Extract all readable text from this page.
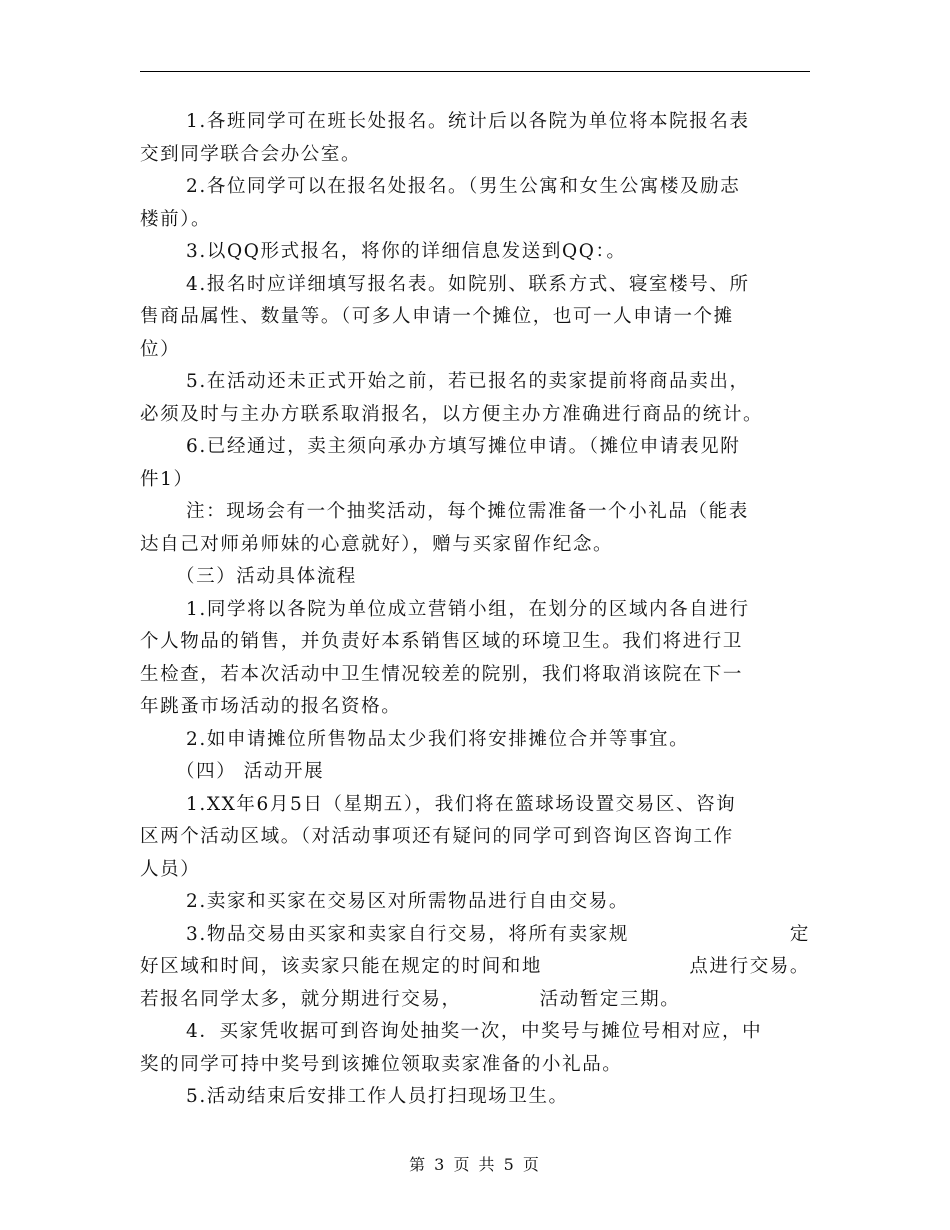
1.各班同学可在班长处报名。统计后以各院为单位将本院报名表
交到同学联合会办公室。
2.各位同学可以在报名处报名。（男生公寓和女生公寓楼及励志
楼前）。
3.以QQ形式报名，将你的详细信息发送到QQ：。
4.报名时应详细填写报名表。如院别、联系方式、寝室楼号、所
售商品属性、数量等。（可多人申请一个摊位，也可一人申请一个摊
位）
5.在活动还未正式开始之前，若已报名的卖家提前将商品卖出，
必须及时与主办方联系取消报名，以方便主办方准确进行商品的统计。
6.已经通过，卖主须向承办方填写摊位申请。（摊位申请表见附
件1）
注：现场会有一个抽奖活动，每个摊位需准备一个小礼品（能表
达自己对师弟师妹的心意就好），赠与买家留作纪念。
（三）活动具体流程
1.同学将以各院为单位成立营销小组，在划分的区域内各自进行
个人物品的销售，并负责好本系销售区域的环境卫生。我们将进行卫
生检查，若本次活动中卫生情况较差的院别，我们将取消该院在下一
年跳蚤市场活动的报名资格。
2.如申请摊位所售物品太少我们将安排摊位合并等事宜。
（四） 活动开展
1.XX年6月5日（星期五），我们将在篮球场设置交易区、咨询
区两个活动区域。（对活动事项还有疑问的同学可到咨询区咨询工作
人员）
2.卖家和买家在交易区对所需物品进行自由交易。
3.物品交易由买家和卖家自行交易，将所有卖家规	定
好区域和时间，该卖家只能在规定的时间和地	点进行交易。
若报名同学太多，就分期进行交易，	活动暂定三期。
4．买家凭收据可到咨询处抽奖一次，中奖号与摊位号相对应，中
奖的同学可持中奖号到该摊位领取卖家准备的小礼品。
5.活动结束后安排工作人员打扫现场卫生。
第 3 页 共 5 页
